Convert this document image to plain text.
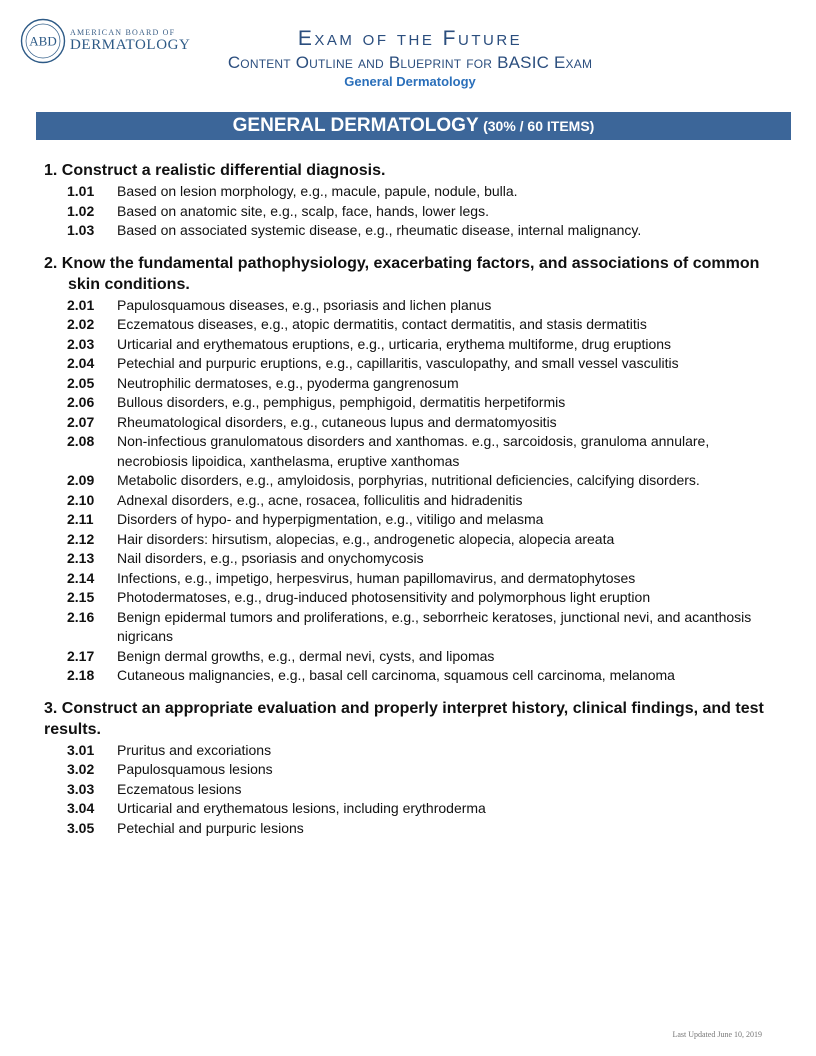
ABD
AMERICAN BOARD OF
DERMATOLOGY	Exam of the Future
Content Outline and Blueprint for BASIC Exam
General Dermatology
GENERAL DERMATOLOGY (30% / 60 ITEMS)
1. Construct a realistic differential diagnosis.
1.01 Based on lesion morphology, e.g., macule, papule, nodule, bulla.
1.02 Based on anatomic site, e.g., scalp, face, hands, lower legs.
1.03 Based on associated systemic disease, e.g., rheumatic disease, internal malignancy.
2. Know the fundamental pathophysiology, exacerbating factors, and associations of common skin conditions.
2.01 Papulosquamous diseases, e.g., psoriasis and lichen planus
2.02 Eczematous diseases, e.g., atopic dermatitis, contact dermatitis, and stasis dermatitis
2.03 Urticarial and erythematous eruptions, e.g., urticaria, erythema multiforme, drug eruptions
2.04 Petechial and purpuric eruptions, e.g., capillaritis, vasculopathy, and small vessel vasculitis
2.05 Neutrophilic dermatoses, e.g., pyoderma gangrenosum
2.06 Bullous disorders, e.g., pemphigus, pemphigoid, dermatitis herpetiformis
2.07 Rheumatological disorders, e.g., cutaneous lupus and dermatomyositis
2.08 Non-infectious granulomatous disorders and xanthomas. e.g., sarcoidosis, granuloma annulare, necrobiosis lipoidica, xanthelasma, eruptive xanthomas
2.09 Metabolic disorders, e.g., amyloidosis, porphyrias, nutritional deficiencies, calcifying disorders.
2.10 Adnexal disorders, e.g., acne, rosacea, folliculitis and hidradenitis
2.11 Disorders of hypo- and hyperpigmentation, e.g., vitiligo and melasma
2.12 Hair disorders: hirsutism, alopecias, e.g., androgenetic alopecia, alopecia areata
2.13 Nail disorders, e.g., psoriasis and onychomycosis
2.14 Infections, e.g., impetigo, herpesvirus, human papillomavirus, and dermatophytoses
2.15 Photodermatoses, e.g., drug-induced photosensitivity and polymorphous light eruption
2.16 Benign epidermal tumors and proliferations, e.g., seborrheic keratoses, junctional nevi, and acanthosis nigricans
2.17 Benign dermal growths, e.g., dermal nevi, cysts, and lipomas
2.18 Cutaneous malignancies, e.g., basal cell carcinoma, squamous cell carcinoma, melanoma
3. Construct an appropriate evaluation and properly interpret history, clinical findings, and test results.
3.01 Pruritus and excoriations
3.02 Papulosquamous lesions
3.03 Eczematous lesions
3.04 Urticarial and erythematous lesions, including erythroderma
3.05 Petechial and purpuric lesions
Last Updated June 10, 2019
